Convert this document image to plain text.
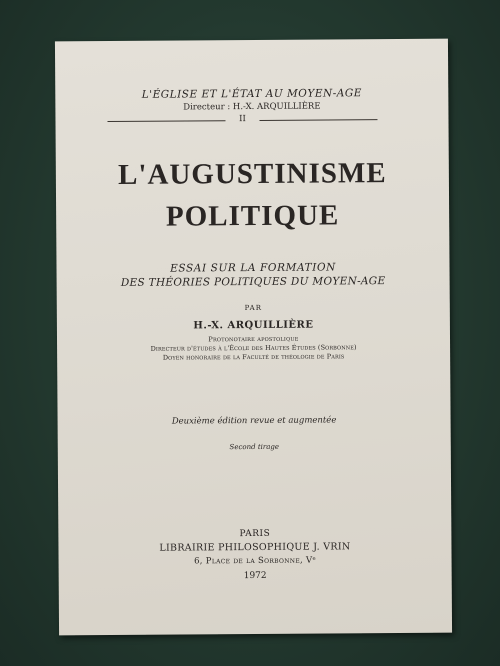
L'ÉGLISE ET L'ÉTAT AU MOYEN-AGE
Directeur : H.-X. ARQUILLIÈRE
II
L'AUGUSTINISME
POLITIQUE
ESSAI SUR LA FORMATION
DES THÉORIES POLITIQUES DU MOYEN-AGE
PAR
H.-X. ARQUILLIÈRE
Protonotaire apostolique
Directeur d'études à l'École des Hautes Études (Sorbonne)
Doyen honoraire de la Faculté de théologie de Paris
Deuxième édition revue et augmentée
Second tirage
PARIS
LIBRAIRIE PHILOSOPHIQUE J. VRIN
6, Place de la Sorbonne, Vᵉ
1972
